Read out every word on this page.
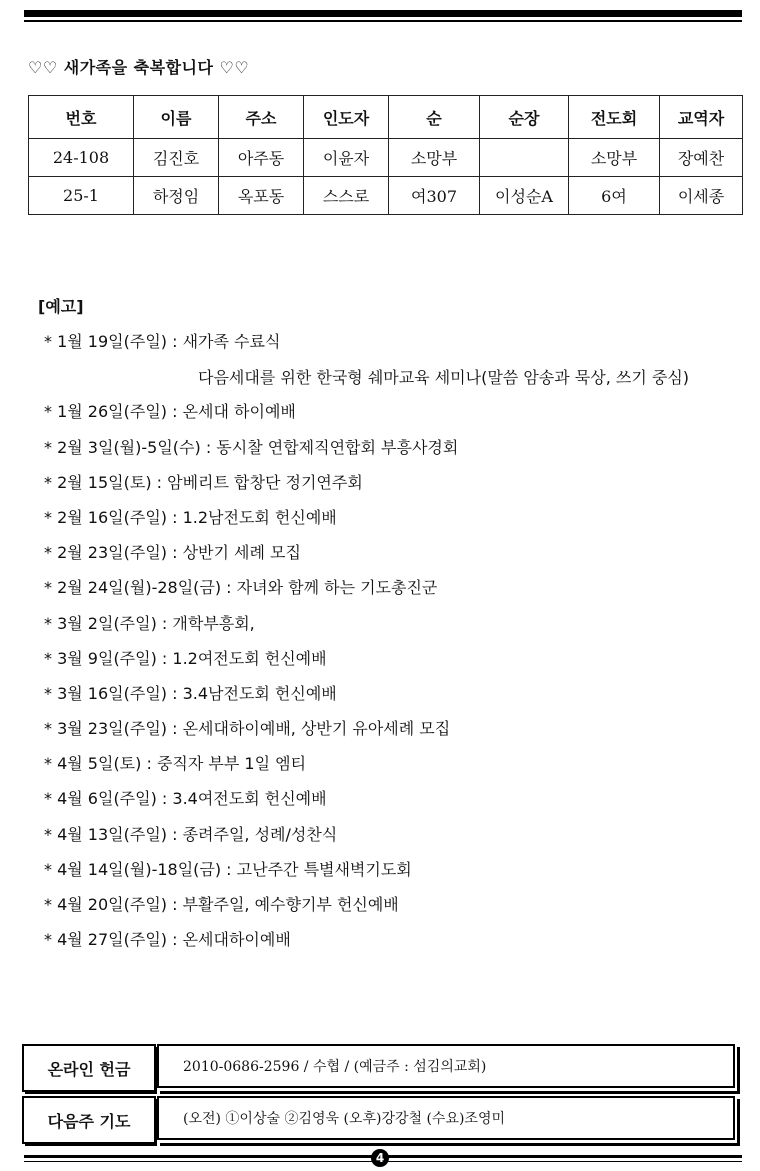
♡♡ 새가족을 축복합니다 ♡♡
번호	이름	주소	인도자	순	순장	전도회	교역자
24-108	김진호	아주동	이윤자	소망부		소망부	장예찬
25-1	하정임	옥포동	스스로	여307	이성순A	6여	이세종
[예고]
* 1월 19일(주일) : 새가족 수료식
다음세대를 위한 한국형 쉐마교육 세미나(말씀 암송과 묵상, 쓰기 중심)
* 1월 26일(주일) : 온세대 하이예배
* 2월 3일(월)-5일(수) : 동시찰 연합제직연합회 부흥사경회
* 2월 15일(토) : 암베리트 합창단 정기연주회
* 2월 16일(주일) : 1.2남전도회 헌신예배
* 2월 23일(주일) : 상반기 세례 모집
* 2월 24일(월)-28일(금) : 자녀와 함께 하는 기도총진군
* 3월 2일(주일) : 개학부흥회,
* 3월 9일(주일) : 1.2여전도회 헌신예배
* 3월 16일(주일) : 3.4남전도회 헌신예배
* 3월 23일(주일) : 온세대하이예배, 상반기 유아세례 모집
* 4월 5일(토) : 중직자 부부 1일 엠티
* 4월 6일(주일) : 3.4여전도회 헌신예배
* 4월 13일(주일) : 종려주일, 성례/성찬식
* 4월 14일(월)-18일(금) : 고난주간 특별새벽기도회
* 4월 20일(주일) : 부활주일, 예수향기부 헌신예배
* 4월 27일(주일) : 온세대하이예배
온라인 헌금	2010-0686-2596 / 수협 / (예금주 : 섬김의교회)
다음주 기도	(오전) ①이상술 ②김영욱 (오후)강강철 (수요)조영미
4
